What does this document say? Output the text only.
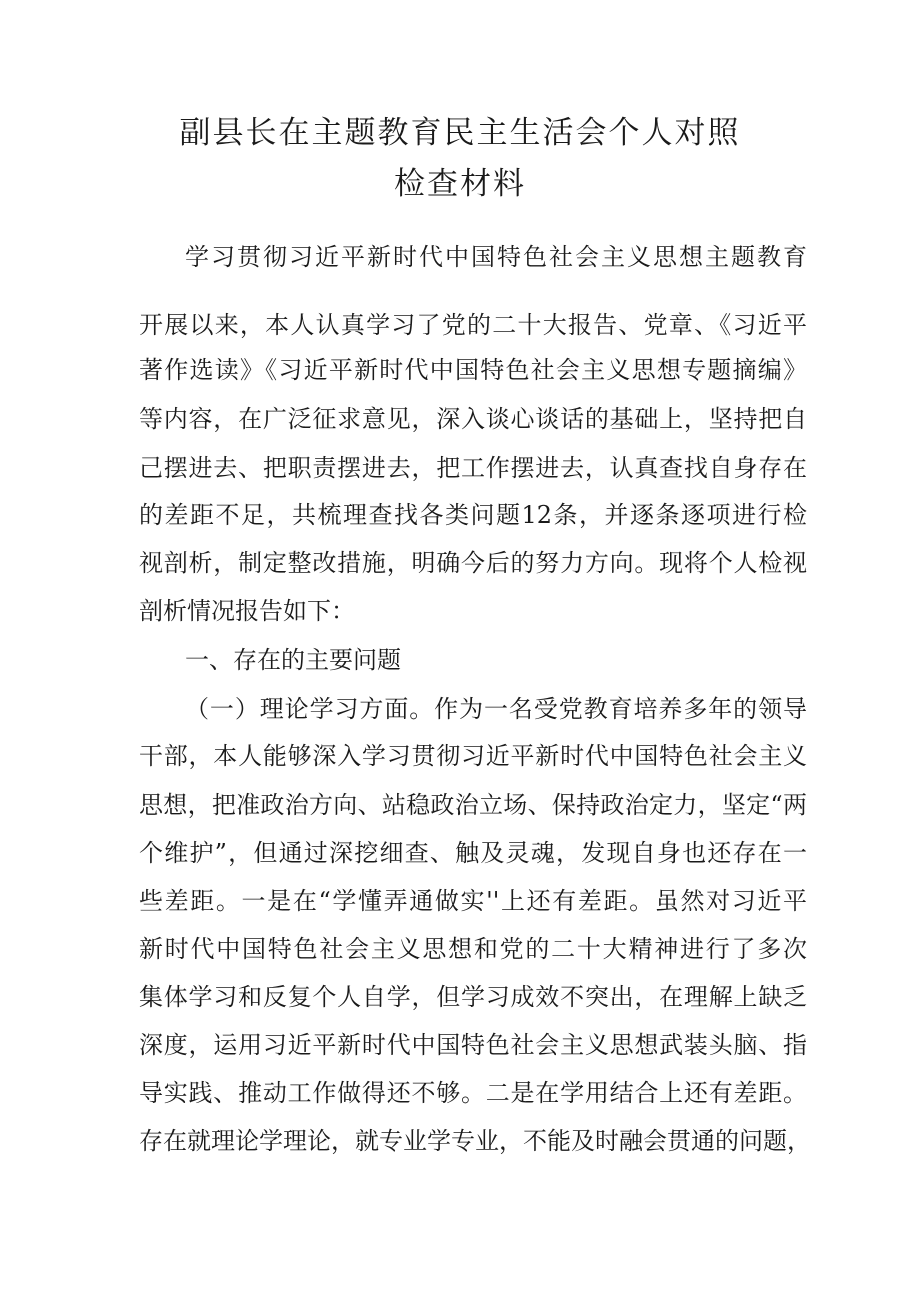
副县长在主题教育民主生活会个人对照
检查材料

学习贯彻习近平新时代中国特色社会主义思想主题教育

开展以来，本人认真学习了党的二十大报告、党章、《习近平

著作选读》《习近平新时代中国特色社会主义思想专题摘编》

等内容，在广泛征求意见，深入谈心谈话的基础上，坚持把自

己摆进去、把职责摆进去，把工作摆进去，认真查找自身存在

的差距不足，共梳理查找各类问题12条，并逐条逐项进行检

视剖析，制定整改措施，明确今后的努力方向。现将个人检视

剖析情况报告如下：

一、存在的主要问题

（一）理论学习方面。作为一名受党教育培养多年的领导

干部，本人能够深入学习贯彻习近平新时代中国特色社会主义

思想，把准政治方向、站稳政治立场、保持政治定力，坚定“两

个维护”，但通过深挖细查、触及灵魂，发现自身也还存在一

些差距。一是在“学懂弄通做实''上还有差距。虽然对习近平

新时代中国特色社会主义思想和党的二十大精神进行了多次

集体学习和反复个人自学，但学习成效不突出，在理解上缺乏

深度，运用习近平新时代中国特色社会主义思想武装头脑、指

导实践、推动工作做得还不够。二是在学用结合上还有差距。

存在就理论学理论，就专业学专业，不能及时融会贯通的问题，
